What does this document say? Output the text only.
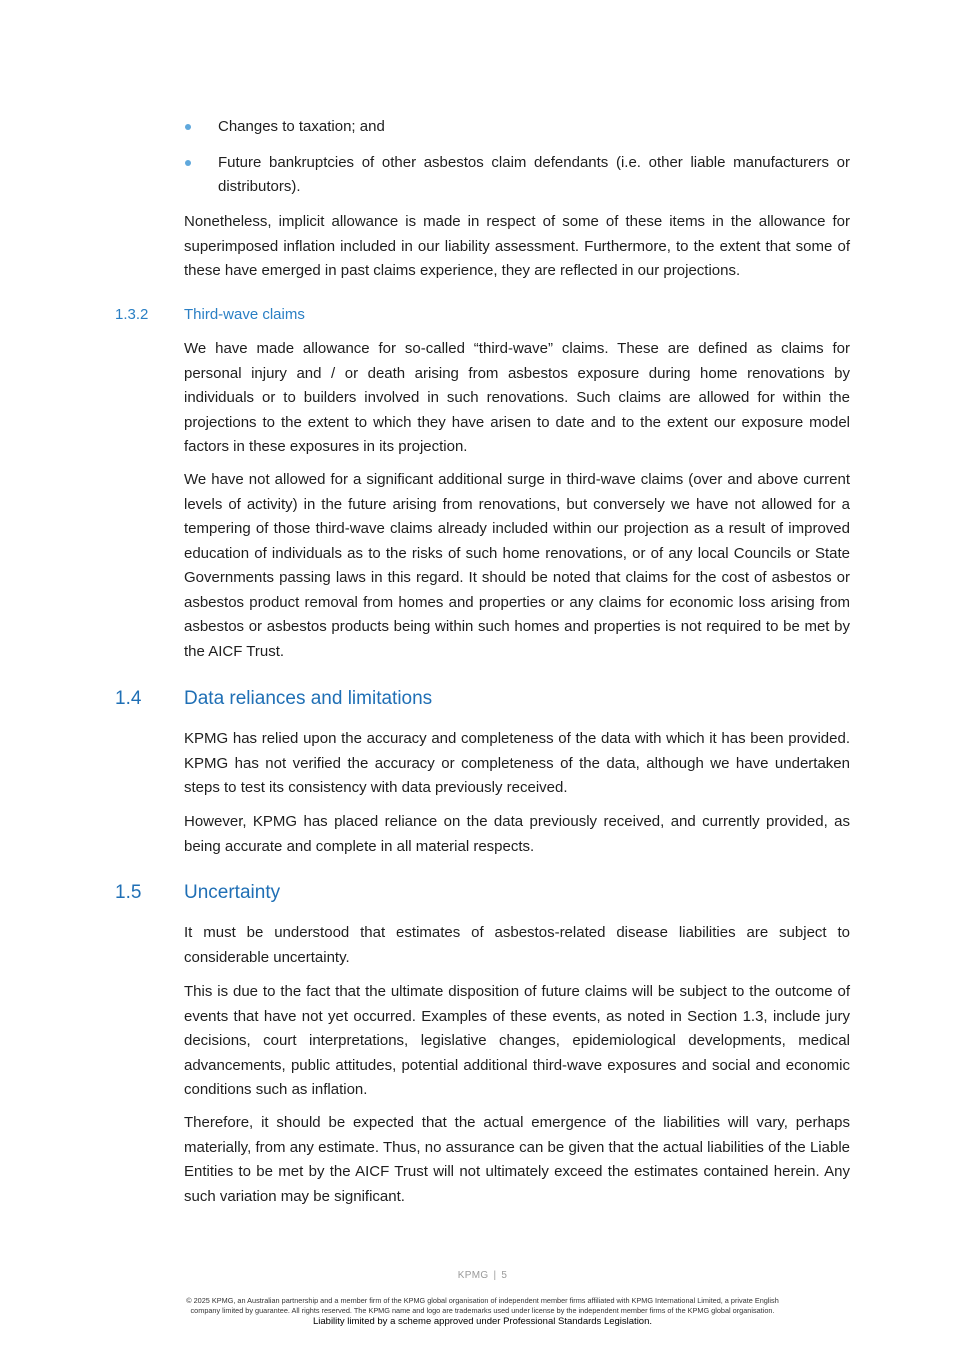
Changes to taxation; and
Future bankruptcies of other asbestos claim defendants (i.e. other liable manufacturers or distributors).

Nonetheless, implicit allowance is made in respect of some of these items in the allowance for superimposed inflation included in our liability assessment. Furthermore, to the extent that some of these have emerged in past claims experience, they are reflected in our projections.

1.3.2 Third-wave claims

We have made allowance for so-called “third-wave” claims. These are defined as claims for personal injury and / or death arising from asbestos exposure during home renovations by individuals or to builders involved in such renovations. Such claims are allowed for within the projections to the extent to which they have arisen to date and to the extent our exposure model factors in these exposures in its projection.

We have not allowed for a significant additional surge in third-wave claims (over and above current levels of activity) in the future arising from renovations, but conversely we have not allowed for a tempering of those third-wave claims already included within our projection as a result of improved education of individuals as to the risks of such home renovations, or of any local Councils or State Governments passing laws in this regard. It should be noted that claims for the cost of asbestos or asbestos product removal from homes and properties or any claims for economic loss arising from asbestos or asbestos products being within such homes and properties is not required to be met by the AICF Trust.

1.4 Data reliances and limitations

KPMG has relied upon the accuracy and completeness of the data with which it has been provided. KPMG has not verified the accuracy or completeness of the data, although we have undertaken steps to test its consistency with data previously received.

However, KPMG has placed reliance on the data previously received, and currently provided, as being accurate and complete in all material respects.

1.5 Uncertainty

It must be understood that estimates of asbestos-related disease liabilities are subject to considerable uncertainty.

This is due to the fact that the ultimate disposition of future claims will be subject to the outcome of events that have not yet occurred. Examples of these events, as noted in Section 1.3, include jury decisions, court interpretations, legislative changes, epidemiological developments, medical advancements, public attitudes, potential additional third-wave exposures and social and economic conditions such as inflation.

Therefore, it should be expected that the actual emergence of the liabilities will vary, perhaps materially, from any estimate. Thus, no assurance can be given that the actual liabilities of the Liable Entities to be met by the AICF Trust will not ultimately exceed the estimates contained herein. Any such variation may be significant.

KPMG | 5

© 2025 KPMG, an Australian partnership and a member firm of the KPMG global organisation of independent member firms affiliated with KPMG International Limited, a private English

company limited by guarantee. All rights reserved. The KPMG name and logo are trademarks used under license by the independent member firms of the KPMG global organisation.

Liability limited by a scheme approved under Professional Standards Legislation.
